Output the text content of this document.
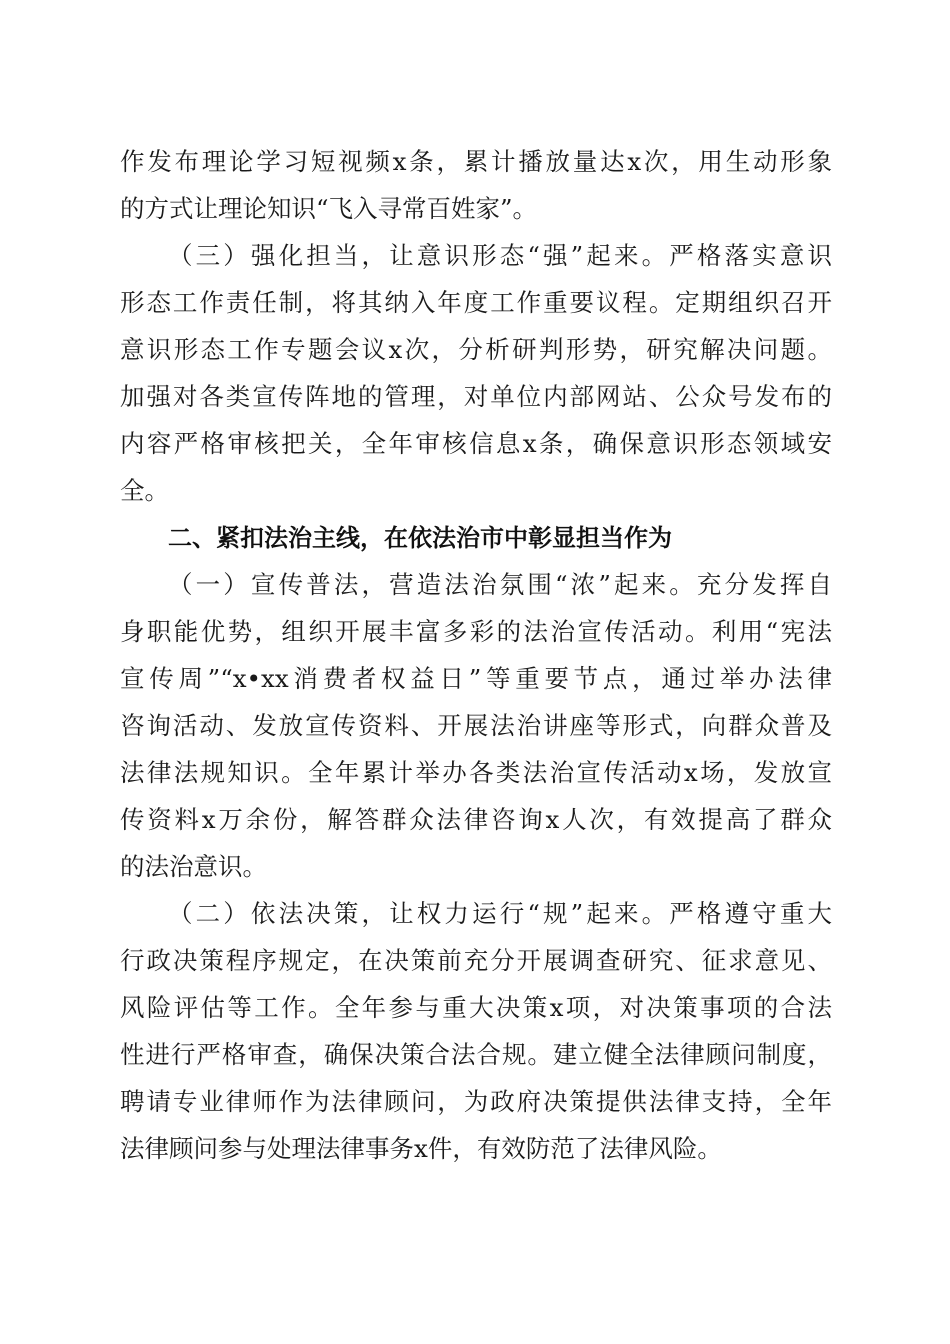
作发布理论学习短视频x条，累计播放量达x次，用生动形象
的方式让理论知识“飞入寻常百姓家”。
（三）强化担当，让意识形态“强”起来。严格落实意识
形态工作责任制，将其纳入年度工作重要议程。定期组织召开
意识形态工作专题会议x次，分析研判形势，研究解决问题。
加强对各类宣传阵地的管理，对单位内部网站、公众号发布的
内容严格审核把关，全年审核信息x条，确保意识形态领域安
全。
二、紧扣法治主线，在依法治市中彰显担当作为
（一）宣传普法，营造法治氛围“浓”起来。充分发挥自
身职能优势，组织开展丰富多彩的法治宣传活动。利用“宪法
宣传周”“x•xx消费者权益日”等重要节点，通过举办法律
咨询活动、发放宣传资料、开展法治讲座等形式，向群众普及
法律法规知识。全年累计举办各类法治宣传活动x场，发放宣
传资料x万余份，解答群众法律咨询x人次，有效提高了群众
的法治意识。
（二）依法决策，让权力运行“规”起来。严格遵守重大
行政决策程序规定，在决策前充分开展调查研究、征求意见、
风险评估等工作。全年参与重大决策x项，对决策事项的合法
性进行严格审查，确保决策合法合规。建立健全法律顾问制度，
聘请专业律师作为法律顾问，为政府决策提供法律支持，全年
法律顾问参与处理法律事务x件，有效防范了法律风险。
